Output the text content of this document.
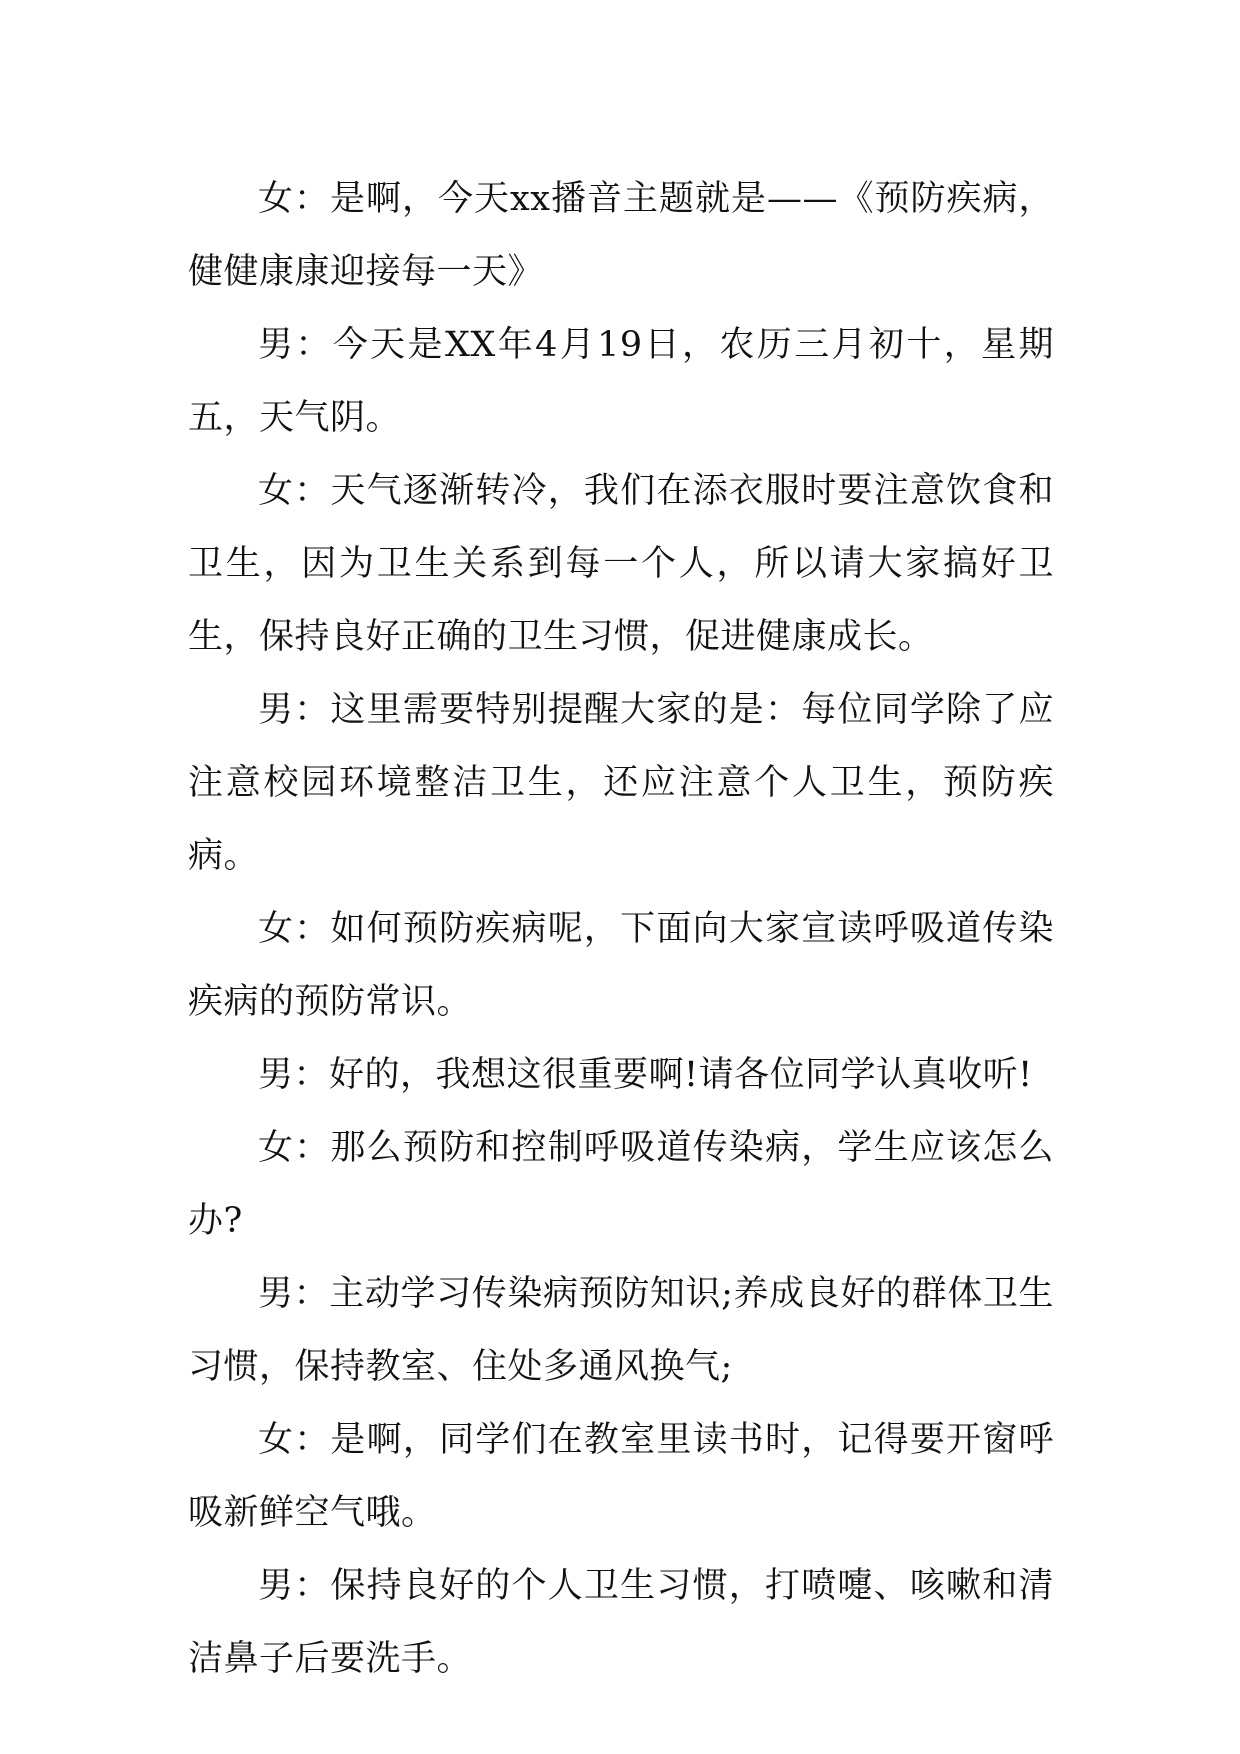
女：是啊，今天xx播音主题就是——《预防疾病，健健康康迎接每一天》

男：今天是XX年4月19日，农历三月初十，星期五，天气阴。

女：天气逐渐转冷，我们在添衣服时要注意饮食和卫生，因为卫生关系到每一个人，所以请大家搞好卫生，保持良好正确的卫生习惯，促进健康成长。

男：这里需要特别提醒大家的是：每位同学除了应注意校园环境整洁卫生，还应注意个人卫生，预防疾病。

女：如何预防疾病呢，下面向大家宣读呼吸道传染疾病的预防常识。

男：好的，我想这很重要啊!请各位同学认真收听!

女：那么预防和控制呼吸道传染病，学生应该怎么办?

男：主动学习传染病预防知识;养成良好的群体卫生习惯，保持教室、住处多通风换气;

女：是啊，同学们在教室里读书时，记得要开窗呼吸新鲜空气哦。

男：保持良好的个人卫生习惯，打喷嚏、咳嗽和清洁鼻子后要洗手。
